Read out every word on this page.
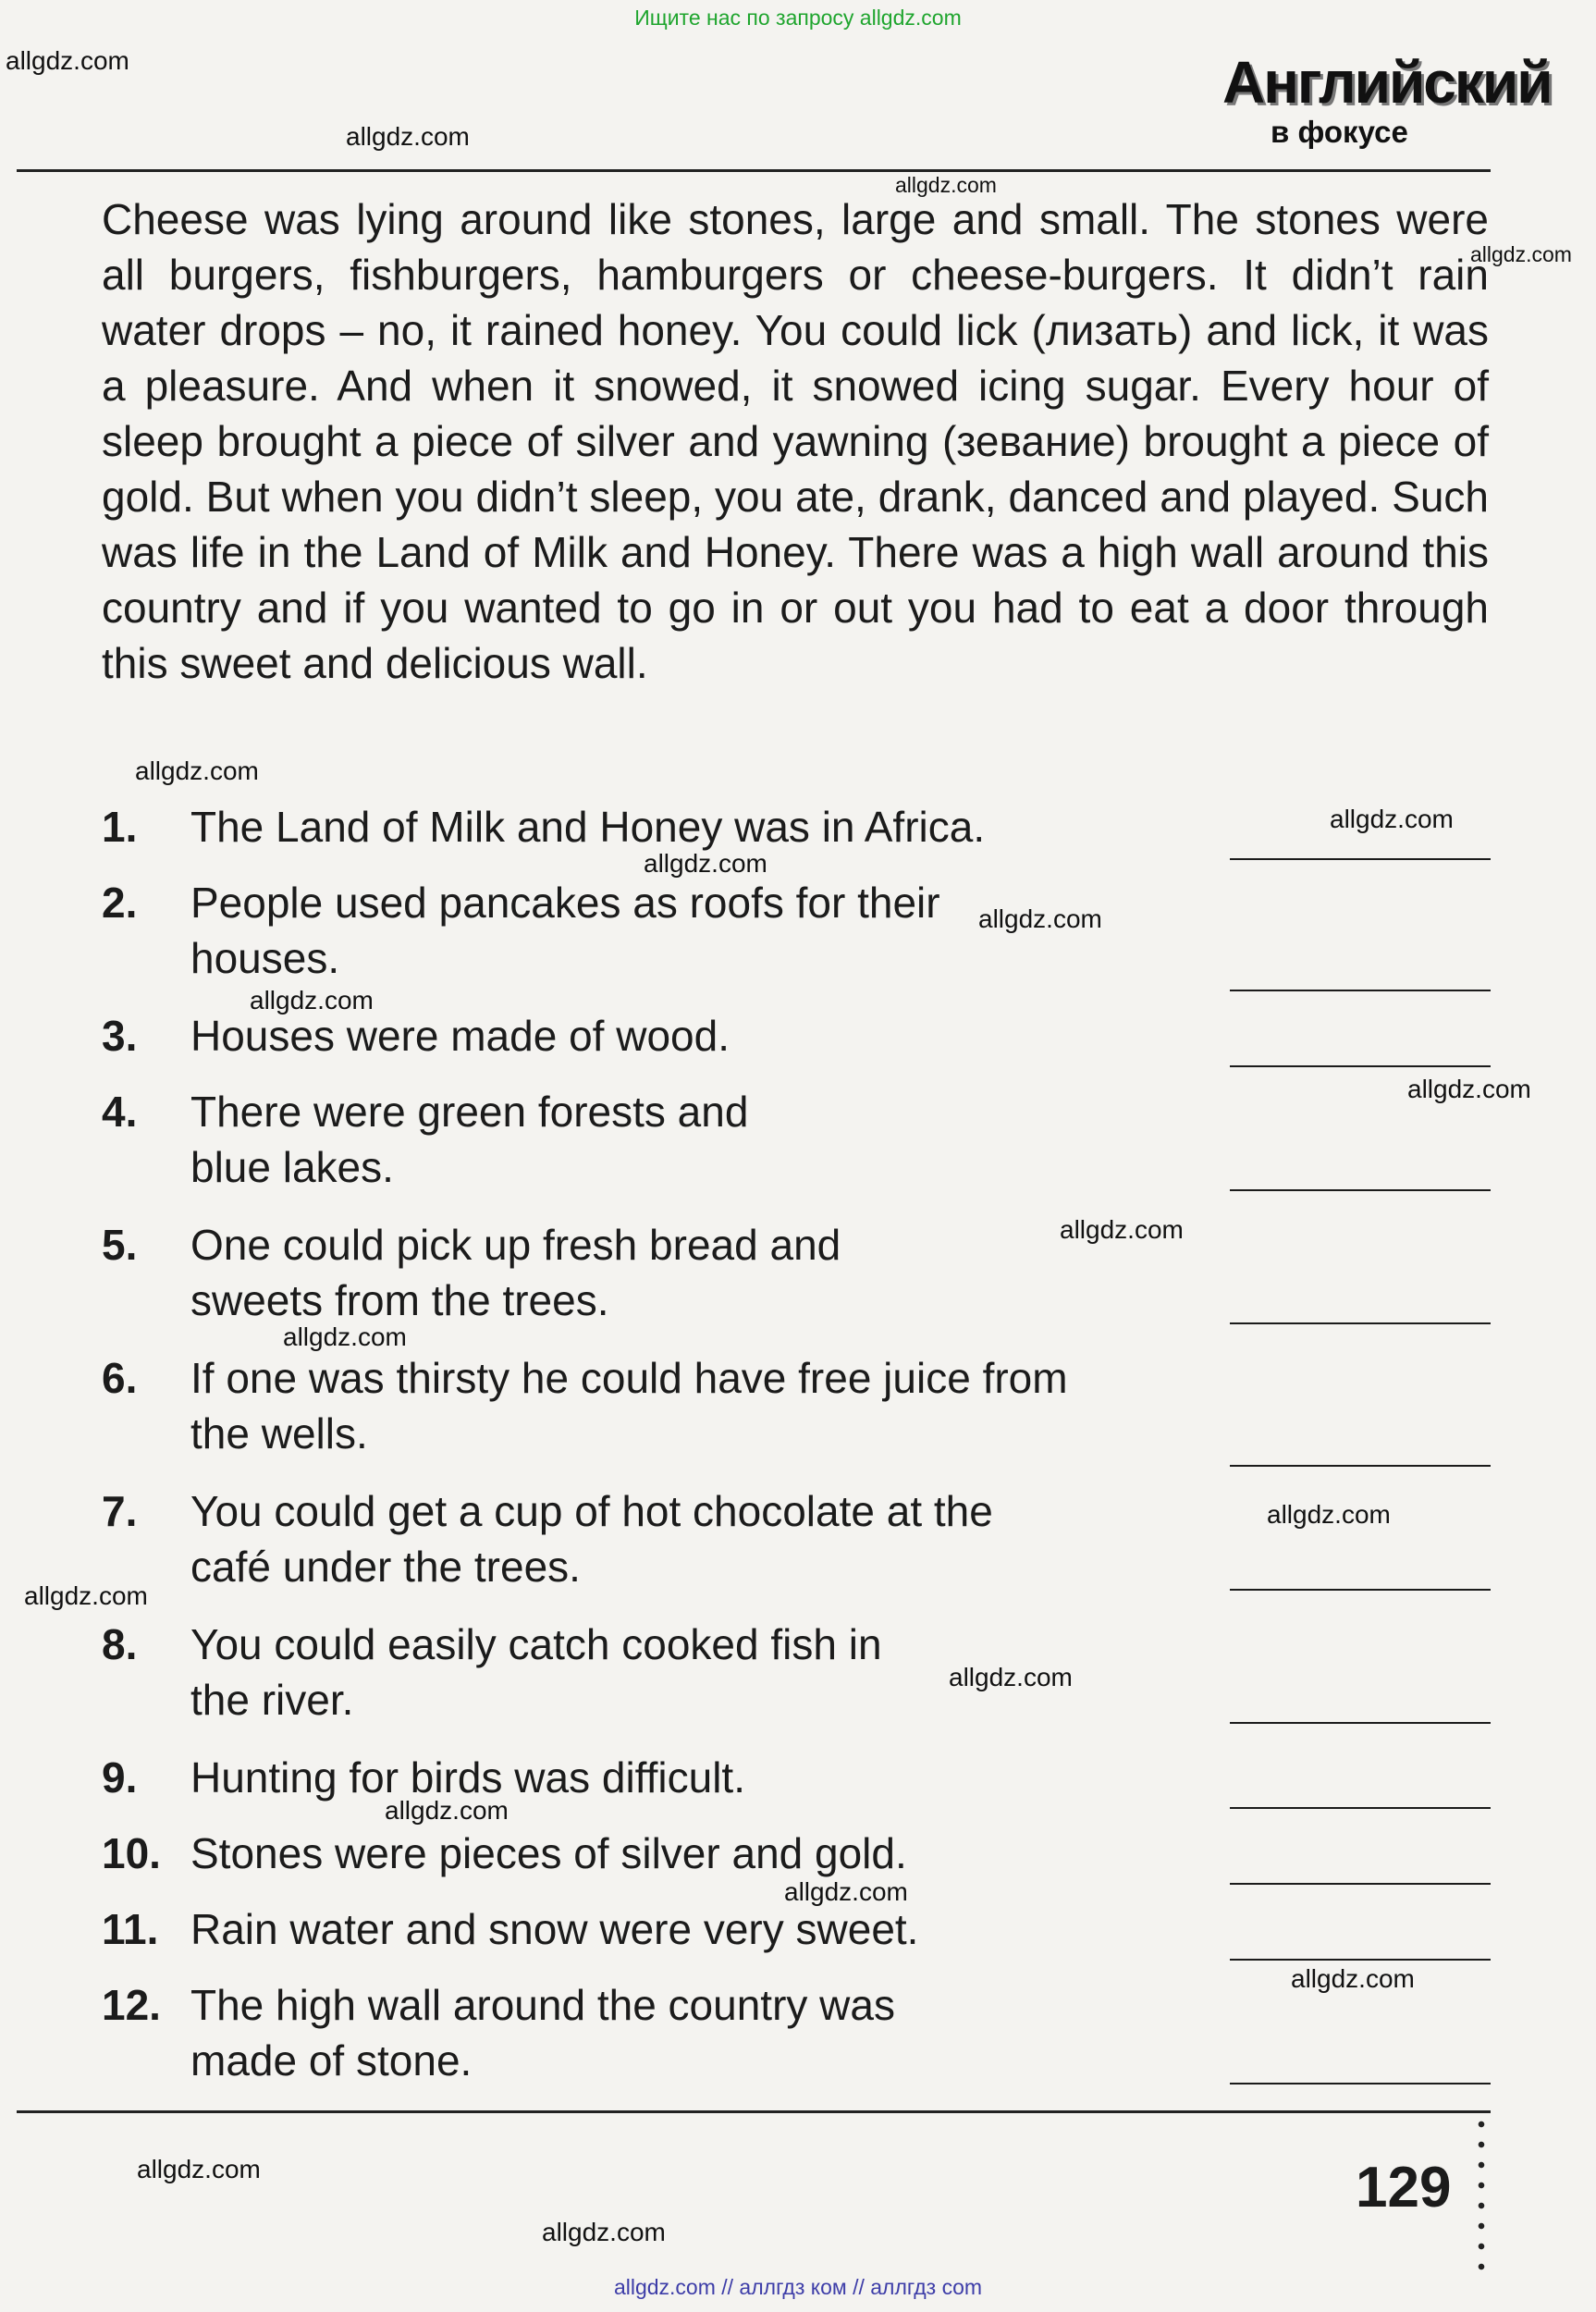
Ищите нас по запросу allgdz.com
allgdz.com
allgdz.com
allgdz.com
allgdz.com
Английский
в фокусе

Cheese was lying around like stones, large and small. The stones were all burgers, fishburgers, hamburgers or cheese-burgers. It didn’t rain water drops – no, it rained honey. You could lick (лизать) and lick, it was a pleasure. And when it snowed, it snowed icing sugar. Every hour of sleep brought a piece of silver and yawning (зевание) brought a piece of gold. But when you didn’t sleep, you ate, drank, danced and played. Such was life in the Land of Milk and Honey. There was a high wall around this country and if you wanted to go in or out you had to eat a door through this sweet and delicious wall.

allgdz.com
allgdz.com
allgdz.com
allgdz.com
allgdz.com
allgdz.com
allgdz.com
allgdz.com
allgdz.com
allgdz.com
allgdz.com
allgdz.com
allgdz.com
allgdz.com
1. The Land of Milk and Honey was in Africa.
2. People used pancakes as roofs for their houses.
3. Houses were made of wood.
4. There were green forests and blue lakes.
5. One could pick up fresh bread and sweets from the trees.
6. If one was thirsty he could have free juice from the wells.
7. You could get a cup of hot chocolate at the café under the trees.
8. You could easily catch cooked fish in the river.
9. Hunting for birds was difficult.
10. Stones were pieces of silver and gold.
11. Rain water and snow were very sweet.
12. The high wall around the country was made of stone.
allgdz.com	129
allgdz.com
allgdz.com // аллгдз ком // аллгдз com
